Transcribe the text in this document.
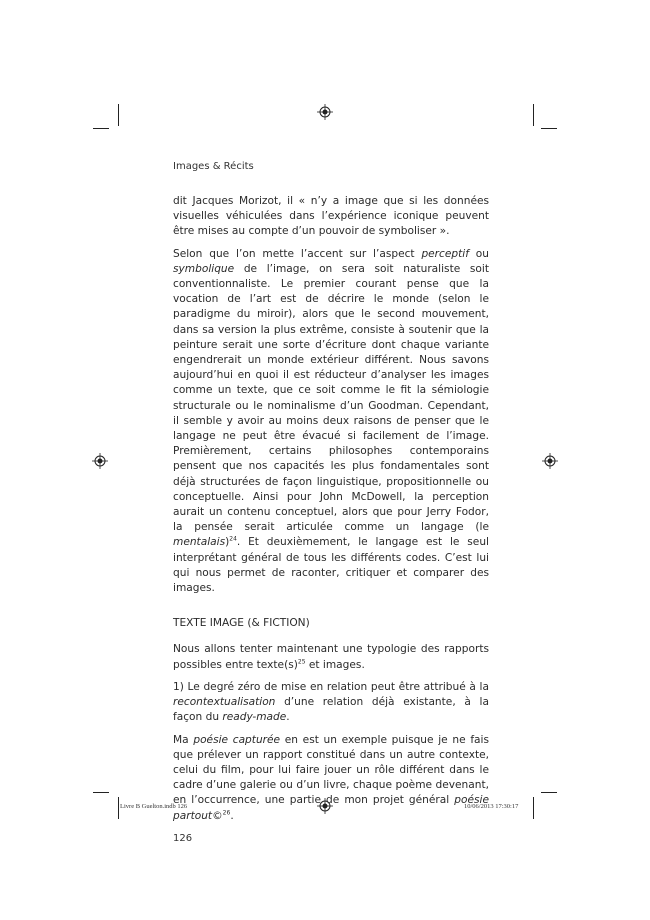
Images & Récits

dit Jacques Morizot, il « n’y a image que si les données visuelles véhiculées dans l’expérience iconique peuvent être mises au compte d’un pouvoir de symboliser ».

Selon que l’on mette l’accent sur l’aspect perceptif ou symbolique de l’image, on sera soit naturaliste soit conventionnaliste. Le premier courant pense que la vocation de l’art est de décrire le monde (selon le paradigme du miroir), alors que le second mouvement, dans sa version la plus extrême, consiste à soutenir que la peinture serait une sorte d’écriture dont chaque variante engendrerait un monde extérieur différent. Nous savons aujourd’hui en quoi il est réducteur d’analyser les images comme un texte, que ce soit comme le fit la sémiologie structurale ou le nominalisme d’un Goodman. Cependant, il semble y avoir au moins deux raisons de penser que le langage ne peut être évacué si facilement de l’image. Premièrement, certains philosophes contemporains pensent que nos capacités les plus fondamentales sont déjà structurées de façon linguistique, propositionnelle ou conceptuelle. Ainsi pour John McDowell, la perception aurait un contenu conceptuel, alors que pour Jerry Fodor, la pensée serait articulée comme un langage (le mentalais)$^{24}$. Et deuxièmement, le langage est le seul interprétant général de tous les différents codes. C’est lui qui nous permet de raconter, critiquer et comparer des images.

TEXTE IMAGE (& FICTION)

Nous allons tenter maintenant une typologie des rapports possibles entre $texte(s)^{25}$ et images.

1) Le degré zéro de mise en relation peut être attribué à la recontextualisation d’une relation déjà existante, à la façon du ready-made.

Ma poésie capturée en est un exemple puisque je ne fais que prélever un rapport constitué dans un autre contexte, celui du film, pour lui faire jouer un rôle différent dans le cadre d’une galerie ou d’un livre, chaque poème devenant, en l’occurrence, une partie de mon projet général poésie partout©$^{26}$.

126
Livre B Guelton.indb 126	10/06/2013 17:30:17
